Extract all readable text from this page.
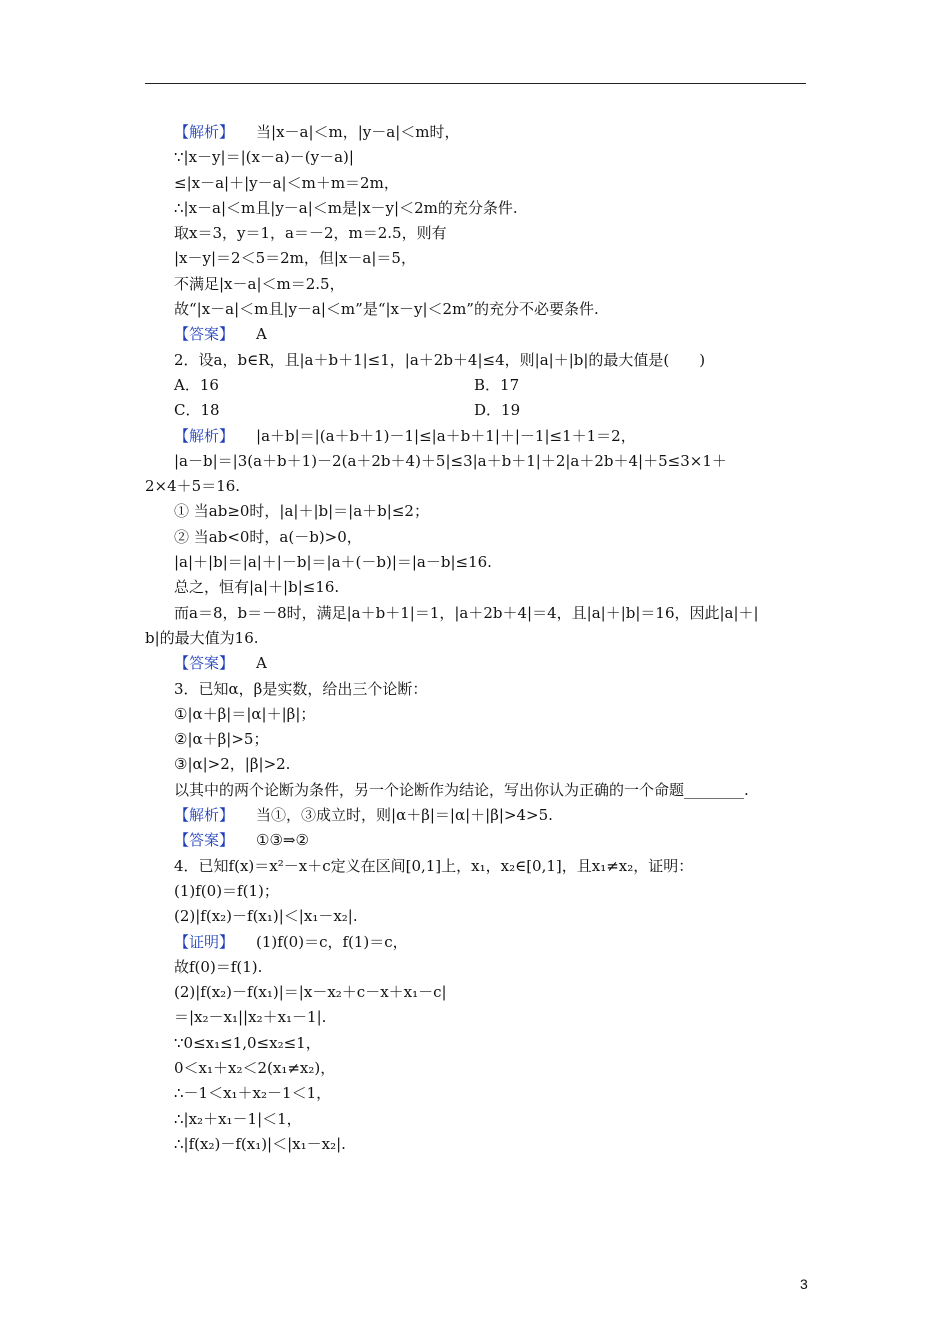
【解析】 当|x－a|＜m，|y－a|＜m时，
∵|x－y|＝|(x－a)－(y－a)|
≤|x－a|＋|y－a|＜m＋m＝2m，
∴|x－a|＜m且|y－a|＜m是|x－y|＜2m的充分条件.
取x＝3，y＝1，a＝－2，m＝2.5，则有
|x－y|＝2＜5＝2m，但|x－a|＝5，
不满足|x－a|＜m＝2.5，
故“|x－a|＜m且|y－a|＜m”是“|x－y|＜2m”的充分不必要条件.
【答案】 A
2．设a，b∈R，且|a＋b＋1|≤1，|a＋2b＋4|≤4，则|a|＋|b|的最大值是(　　)
A．16	B．17
C．18	D．19
【解析】 |a＋b|＝|(a＋b＋1)－1|≤|a＋b＋1|＋|－1|≤1＋1＝2，
|a－b|＝|3(a＋b＋1)－2(a＋2b＋4)＋5|≤3|a＋b＋1|＋2|a＋2b＋4|＋5≤3×1＋
2×4＋5＝16.
① 当ab≥0时，|a|＋|b|＝|a＋b|≤2；
② 当ab<0时，a(－b)>0，
|a|＋|b|＝|a|＋|－b|＝|a＋(－b)|＝|a－b|≤16.
总之，恒有|a|＋|b|≤16.
而a＝8，b＝－8时，满足|a＋b＋1|＝1，|a＋2b＋4|＝4，且|a|＋|b|＝16，因此|a|＋|
b|的最大值为16.
【答案】 A
3．已知α，β是实数，给出三个论断：
①|α＋β|＝|α|＋|β|；
②|α＋β|>5；
③|α|>2，|β|>2.
以其中的两个论断为条件，另一个论断作为结论，写出你认为正确的一个命题________.
【解析】 当①，③成立时，则|α＋β|＝|α|＋|β|>4>5.
【答案】 ①③⇒②
4．已知f(x)＝x²－x＋c定义在区间[0,1]上，x₁，x₂∈[0,1]，且x₁≠x₂，证明：
(1)f(0)＝f(1)；
(2)|f(x₂)－f(x₁)|＜|x₁－x₂|.
【证明】 (1)f(0)＝c，f(1)＝c，
故f(0)＝f(1).
(2)|f(x₂)－f(x₁)|＝|x－x₂＋c－x＋x₁－c|
＝|x₂－x₁||x₂＋x₁－1|.
∵0≤x₁≤1,0≤x₂≤1，
0＜x₁＋x₂＜2(x₁≠x₂)，
∴－1＜x₁＋x₂－1＜1，
∴|x₂＋x₁－1|＜1，
∴|f(x₂)－f(x₁)|＜|x₁－x₂|.
3
